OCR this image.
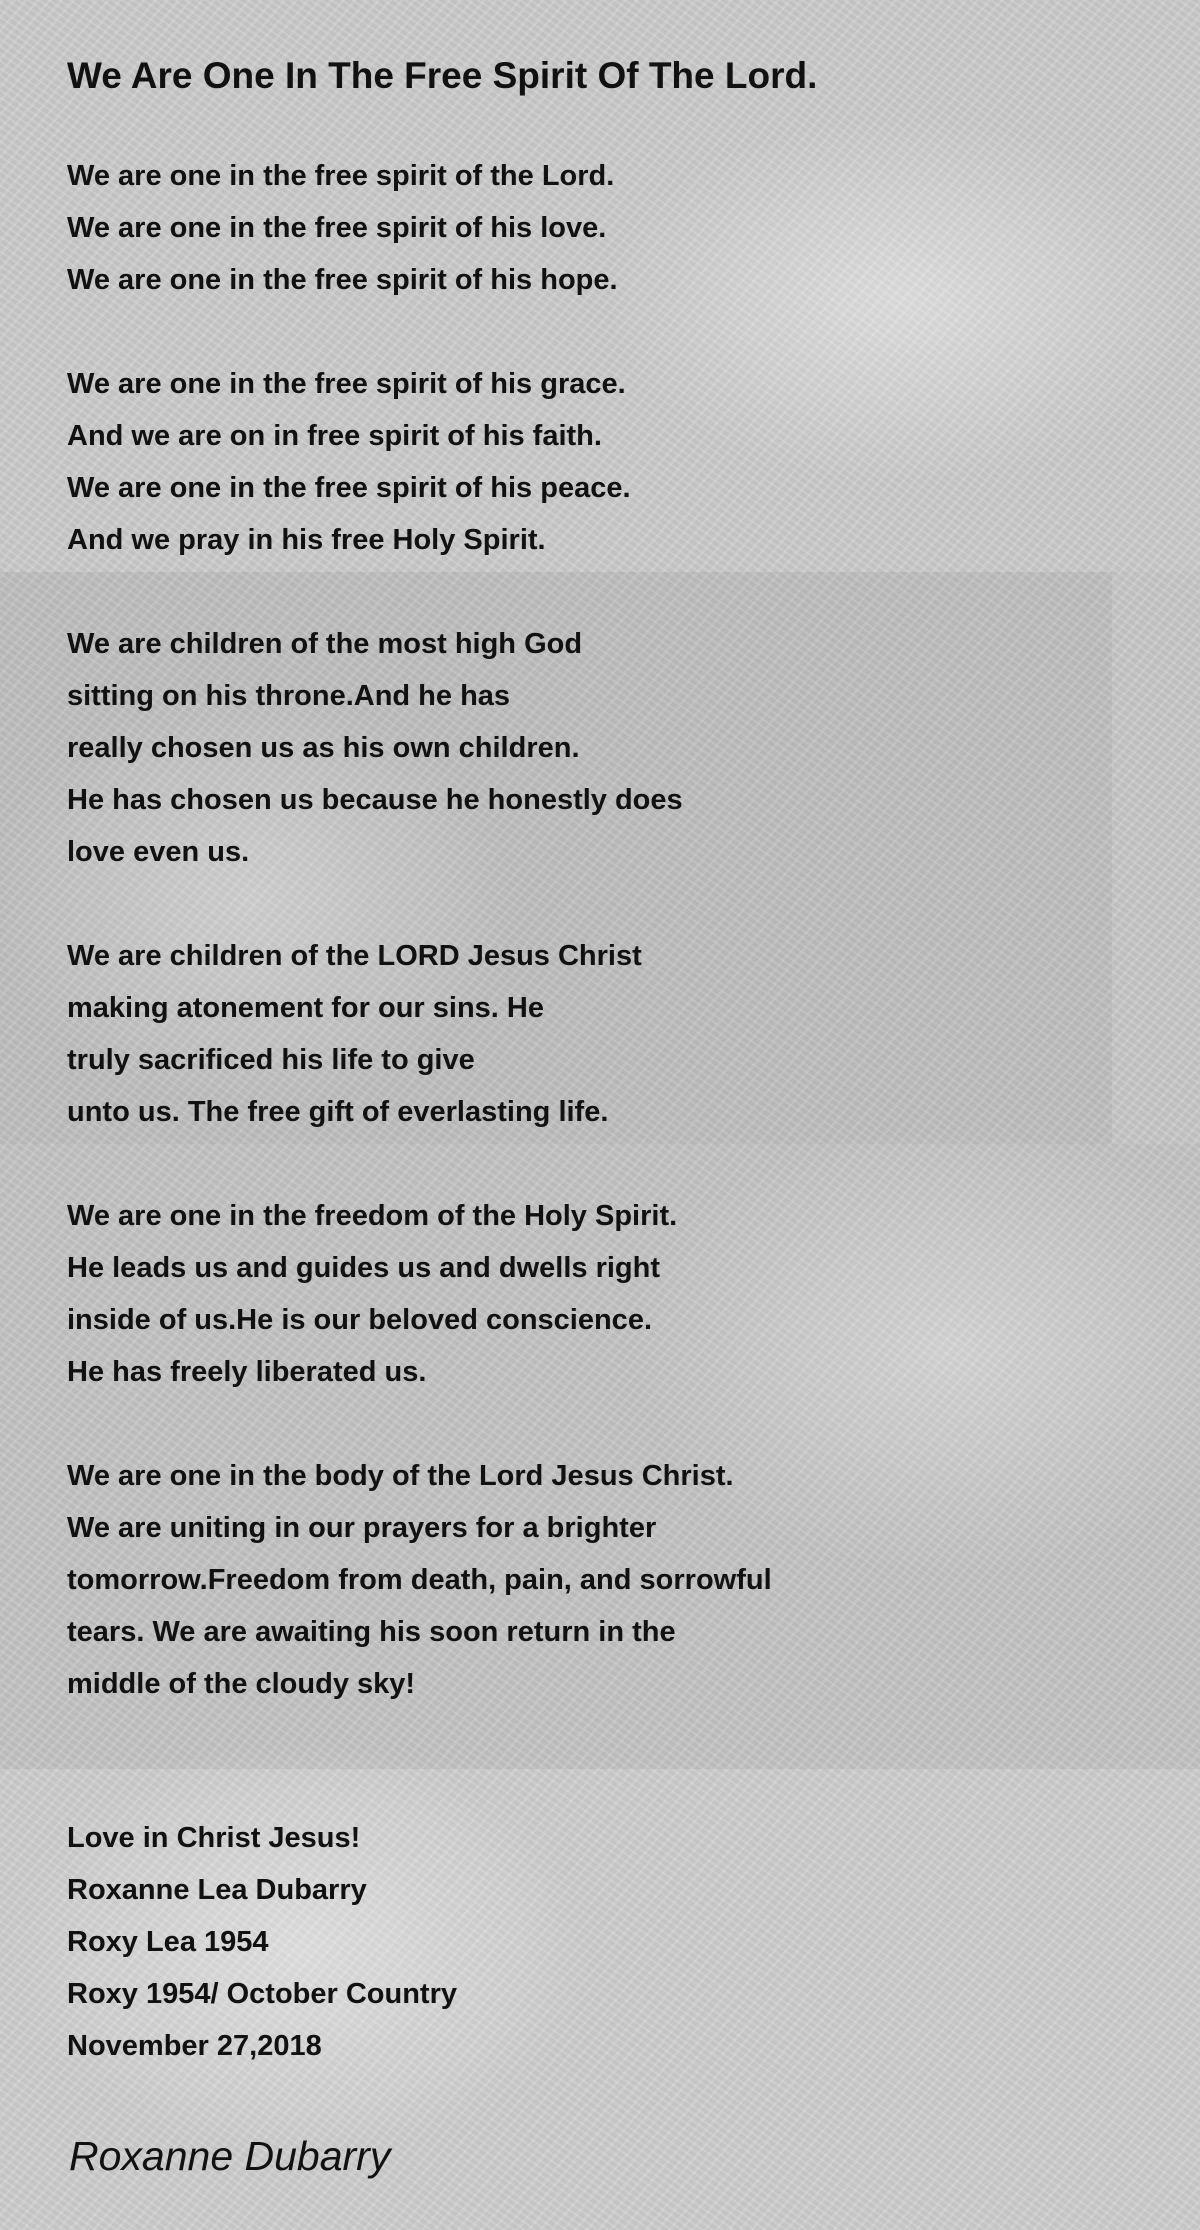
We Are One In The Free Spirit Of The Lord.
We are one in the free spirit of the Lord.
We are one in the free spirit of his love.
We are one in the free spirit of his hope.
We are one in the free spirit of his grace.
And we are on in free spirit of his faith.
We are one in the free spirit of his peace.
And we pray in his free Holy Spirit.
We are children of the most high God
sitting on his throne.And he has
really chosen us as his own children.
He has chosen us because he honestly does
love even us.
We are children of the LORD Jesus Christ
making atonement for our sins. He
truly sacrificed his life to give
unto us. The free gift of everlasting life.
We are one in the freedom of the Holy Spirit.
He leads us and guides us and dwells right
inside of us.He is our beloved conscience.
He has freely liberated us.
We are one in the body of the Lord Jesus Christ.
We are uniting in our prayers for a brighter
tomorrow.Freedom from death, pain, and sorrowful
tears. We are awaiting his soon return in the
middle of the cloudy sky!
Love in Christ Jesus!
Roxanne Lea Dubarry
Roxy Lea 1954
Roxy 1954/ October Country
November 27,2018
Roxanne Dubarry
